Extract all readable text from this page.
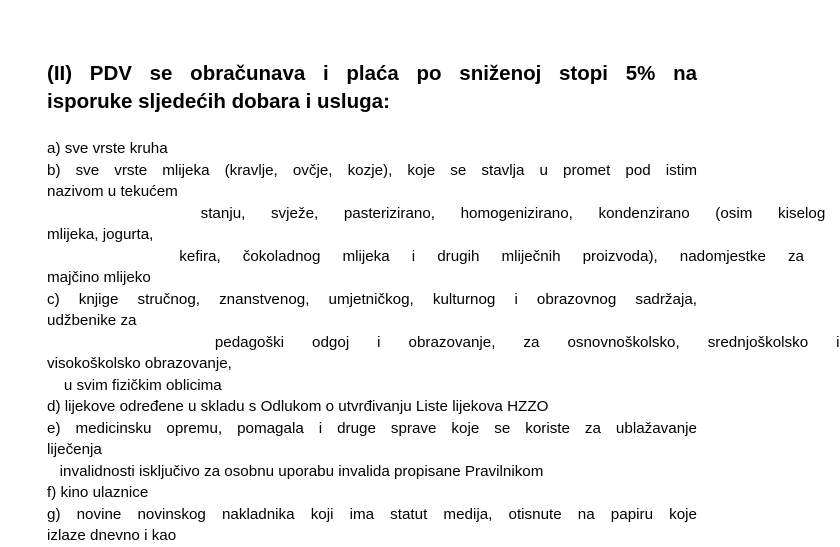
(II) PDV se obračunava i plaća po sniženoj stopi 5% na
isporuke sljedećih dobara i usluga:
a) sve vrste kruha
b) sve vrste mlijeka (kravlje, ovčje, kozje), koje se stavlja u promet pod istim
nazivom u tekućem
stanju, svježe, pasterizirano, homogenizirano, kondenzirano (osim kiselog
mlijeka, jogurta,
kefira, čokoladnog mlijeka i drugih mliječnih proizvoda), nadomjestke za
majčino mlijeko
c) knjige stručnog, znanstvenog, umjetničkog, kulturnog i obrazovnog sadržaja,
udžbenike za
pedagoški odgoj i obrazovanje, za osnovnoškolsko, srednjoškolsko i
visokoškolsko obrazovanje,
u svim fizičkim oblicima
d) lijekove određene u skladu s Odlukom o utvrđivanju Liste lijekova HZZO
e) medicinsku opremu, pomagala i druge sprave koje se koriste za ublažavanje
liječenja
invalidnosti isključivo za osobnu uporabu invalida propisane Pravilnikom
f) kino ulaznice
g) novine novinskog nakladnika koji ima statut medija, otisnute na papiru koje
izlaze dnevno i kao
